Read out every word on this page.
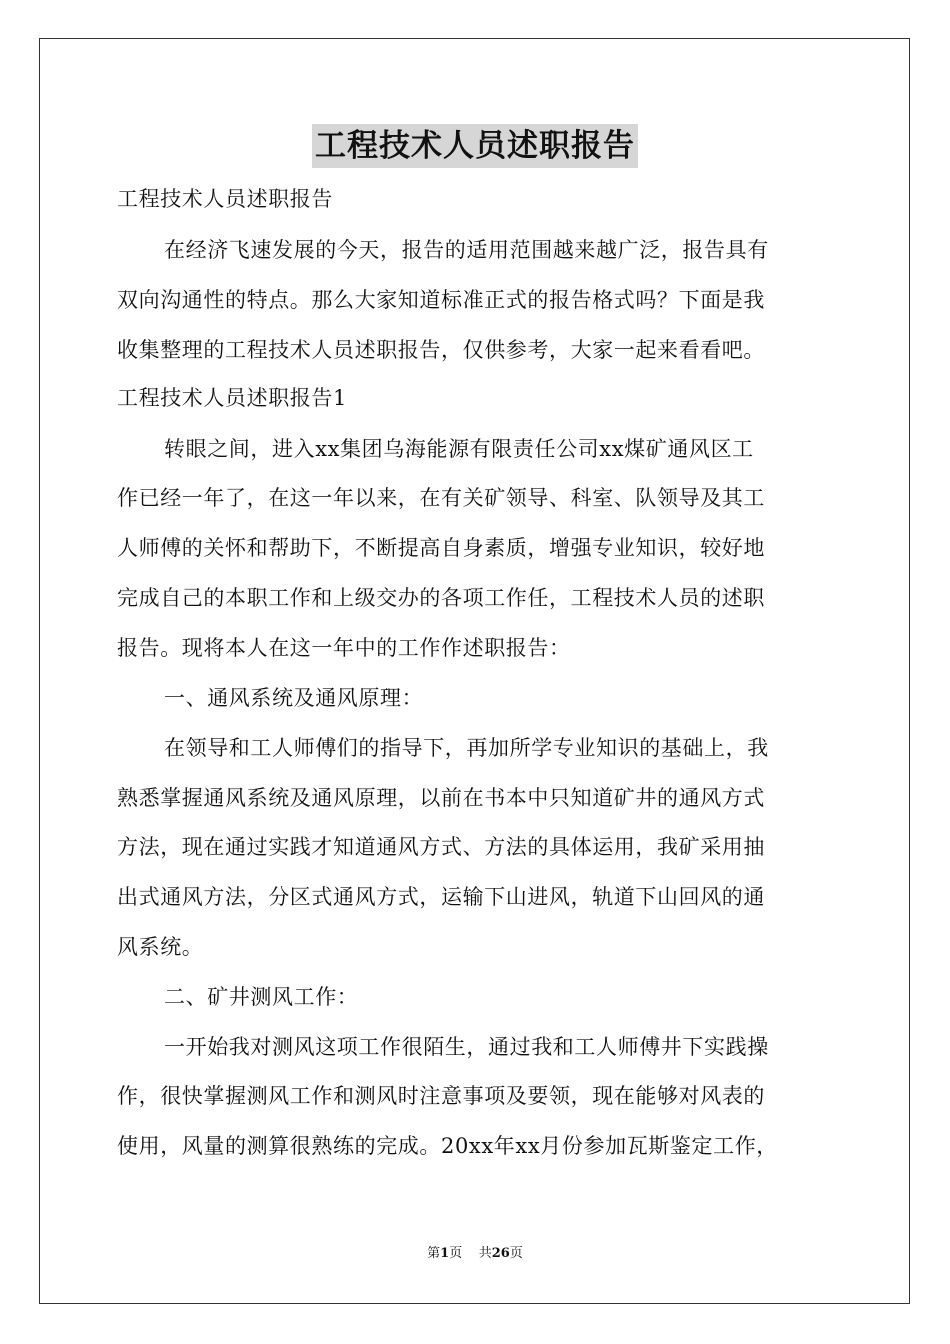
工程技术人员述职报告
工程技术人员述职报告
在经济飞速发展的今天，报告的适用范围越来越广泛，报告具有
双向沟通性的特点。那么大家知道标准正式的报告格式吗？下面是我
收集整理的工程技术人员述职报告，仅供参考，大家一起来看看吧。
工程技术人员述职报告1
转眼之间，进入xx集团乌海能源有限责任公司xx煤矿通风区工
作已经一年了，在这一年以来，在有关矿领导、科室、队领导及其工
人师傅的关怀和帮助下，不断提高自身素质，增强专业知识，较好地
完成自己的本职工作和上级交办的各项工作任，工程技术人员的述职
报告。现将本人在这一年中的工作作述职报告：
一、通风系统及通风原理：
在领导和工人师傅们的指导下，再加所学专业知识的基础上，我
熟悉掌握通风系统及通风原理，以前在书本中只知道矿井的通风方式
方法，现在通过实践才知道通风方式、方法的具体运用，我矿采用抽
出式通风方法，分区式通风方式，运输下山进风，轨道下山回风的通
风系统。
二、矿井测风工作：
一开始我对测风这项工作很陌生，通过我和工人师傅井下实践操
作，很快掌握测风工作和测风时注意事项及要领，现在能够对风表的
使用，风量的测算很熟练的完成。20xx年xx月份参加瓦斯鉴定工作，
第1页 共26页
